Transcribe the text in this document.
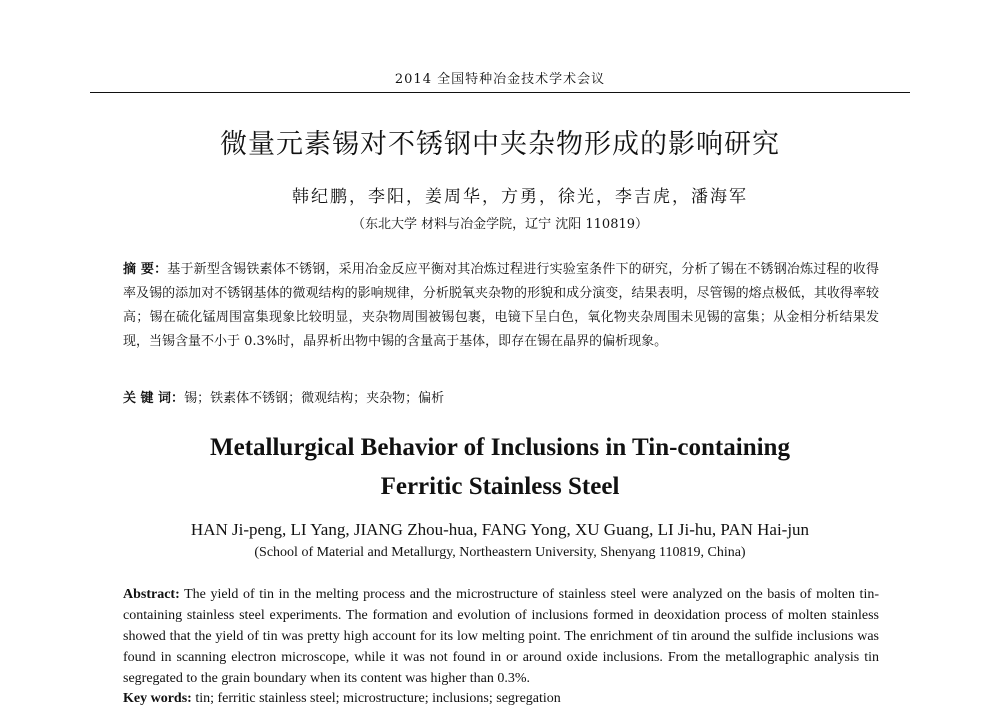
2014 全国特种冶金技术学术会议
微量元素锡对不锈钢中夹杂物形成的影响研究
韩纪鹏，李阳，姜周华，方勇，徐光，李吉虎，潘海军
（东北大学 材料与冶金学院，辽宁 沈阳 110819）
摘 要：基于新型含锡铁素体不锈钢，采用冶金反应平衡对其冶炼过程进行实验室条件下的研究，分析了锡在不锈钢冶炼过程的收得率及锡的添加对不锈钢基体的微观结构的影响规律，分析脱氧夹杂物的形貌和成分演变，结果表明，尽管锡的熔点极低，其收得率较高；锡在硫化锰周围富集现象比较明显，夹杂物周围被锡包裹，电镜下呈白色，氧化物夹杂周围未见锡的富集；从金相分析结果发现，当锡含量不小于 0.3%时，晶界析出物中锡的含量高于基体，即存在锡在晶界的偏析现象。
关 键 词：锡；铁素体不锈钢；微观结构；夹杂物；偏析
Metallurgical Behavior of Inclusions in Tin-containing
Ferritic Stainless Steel
HAN Ji-peng, LI Yang, JIANG Zhou-hua, FANG Yong, XU Guang, LI Ji-hu, PAN Hai-jun
(School of Material and Metallurgy, Northeastern University, Shenyang 110819, China)
Abstract: The yield of tin in the melting process and the microstructure of stainless steel were analyzed on the basis of molten tin-containing stainless steel experiments. The formation and evolution of inclusions formed in deoxidation process of molten stainless showed that the yield of tin was pretty high account for its low melting point. The enrichment of tin around the sulfide inclusions was found in scanning electron microscope, while it was not found in or around oxide inclusions. From the metallographic analysis tin segregated to the grain boundary when its content was higher than 0.3%.
Key words: tin; ferritic stainless steel; microstructure; inclusions; segregation
